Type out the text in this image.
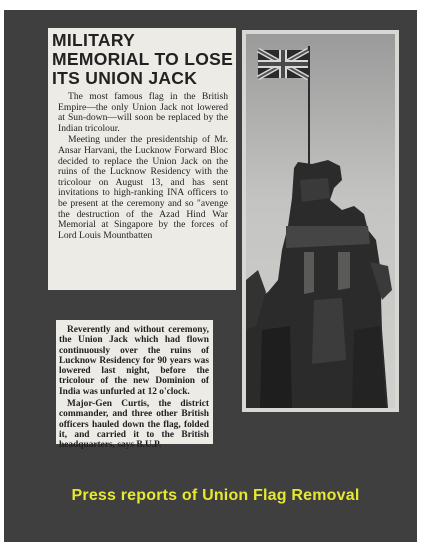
MILITARY MEMORIAL TO LOSE ITS UNION JACK

The most famous flag in the British Empire—the only Union Jack not lowered at Sun-down—will soon be replaced by the Indian tricolour.

Meeting under the presidentship of Mr. Ansar Harvani, the Lucknow Forward Bloc decided to replace the Union Jack on the ruins of the Lucknow Residency with the tricolour on August 13, and has sent invitations to high-ranking INA officers to be present at the ceremony and so "avenge the destruction of the Azad Hind War Memorial at Singapore by the forces of Lord Louis Mountbatten

Reverently and without ceremony, the Union Jack which had flown continuously over the ruins of Lucknow Residency for 90 years was lowered last night, before the tricolour of the new Dominion of India was unfurled at 12 o'clock.

Major-Gen Curtis, the district commander, and three other British officers hauled down the flag, folded it, and carried it to the British headquarters, says B.U.P.

Press reports of Union Flag Removal
